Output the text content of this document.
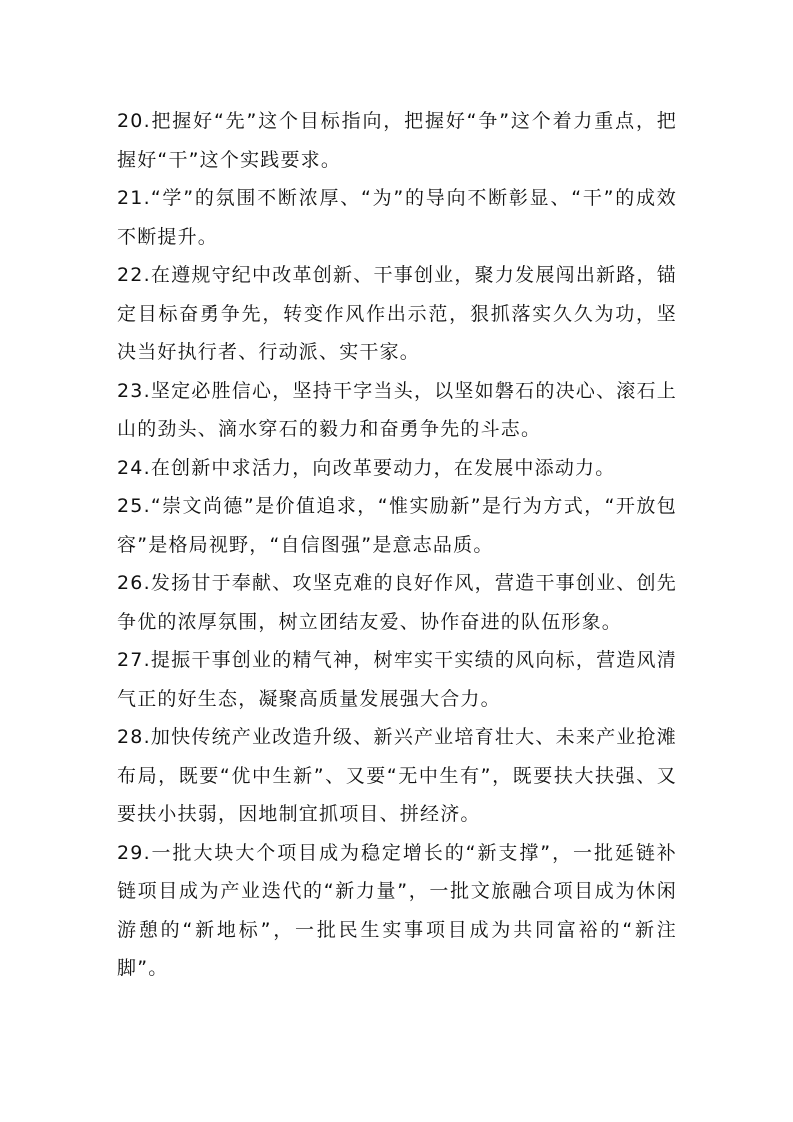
20.把握好“先”这个目标指向，把握好“争”这个着力重点，把握好“干”这个实践要求。

21.“学”的氛围不断浓厚、“为”的导向不断彰显、“干”的成效不断提升。

22.在遵规守纪中改革创新、干事创业，聚力发展闯出新路，锚定目标奋勇争先，转变作风作出示范，狠抓落实久久为功，坚决当好执行者、行动派、实干家。

23.坚定必胜信心，坚持干字当头，以坚如磐石的决心、滚石上山的劲头、滴水穿石的毅力和奋勇争先的斗志。

24.在创新中求活力，向改革要动力，在发展中添动力。

25.“崇文尚德”是价值追求，“惟实励新”是行为方式，“开放包容”是格局视野，“自信图强”是意志品质。

26.发扬甘于奉献、攻坚克难的良好作风，营造干事创业、创先争优的浓厚氛围，树立团结友爱、协作奋进的队伍形象。

27.提振干事创业的精气神，树牢实干实绩的风向标，营造风清气正的好生态，凝聚高质量发展强大合力。

28.加快传统产业改造升级、新兴产业培育壮大、未来产业抢滩布局，既要“优中生新”、又要“无中生有”，既要扶大扶强、又要扶小扶弱，因地制宜抓项目、拼经济。

29.一批大块大个项目成为稳定增长的“新支撑”，一批延链补链项目成为产业迭代的“新力量”，一批文旅融合项目成为休闲游憩的“新地标”，一批民生实事项目成为共同富裕的“新注脚”。
